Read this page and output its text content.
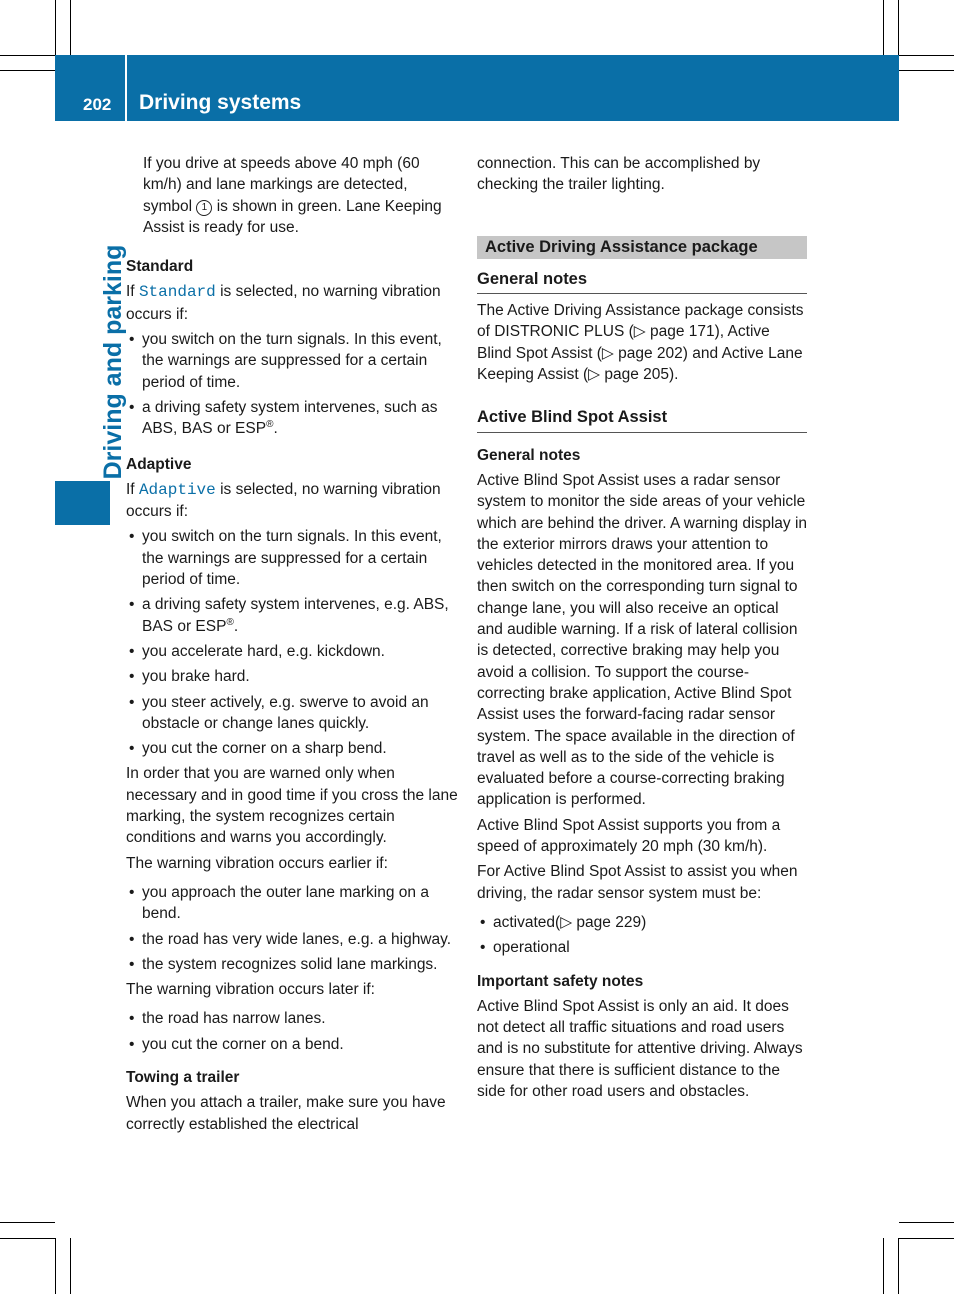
202 Driving systems
Driving and parking

If you drive at speeds above 40 mph (60 km/h) and lane markings are detected, symbol 1 is shown in green. Lane Keeping Assist is ready for use.

Standard

If Standard is selected, no warning vibration occurs if:

• you switch on the turn signals. In this event, the warnings are suppressed for a certain period of time.

• a driving safety system intervenes, such as ABS, BAS or ESP®.

Adaptive

If Adaptive is selected, no warning vibration occurs if:

• you switch on the turn signals. In this event, the warnings are suppressed for a certain period of time.

• a driving safety system intervenes, e.g. ABS, BAS or ESP®.

• you accelerate hard, e.g. kickdown.

• you brake hard.

• you steer actively, e.g. swerve to avoid an obstacle or change lanes quickly.

• you cut the corner on a sharp bend.

In order that you are warned only when necessary and in good time if you cross the lane marking, the system recognizes certain conditions and warns you accordingly.

The warning vibration occurs earlier if:

• you approach the outer lane marking on a bend.

• the road has very wide lanes, e.g. a highway.

• the system recognizes solid lane markings.

The warning vibration occurs later if:

• the road has narrow lanes.

• you cut the corner on a bend.

Towing a trailer

When you attach a trailer, make sure you have correctly established the electrical

connection. This can be accomplished by checking the trailer lighting.

Active Driving Assistance package

General notes

The Active Driving Assistance package consists of DISTRONIC PLUS (▷ page 171), Active Blind Spot Assist (▷ page 202) and Active Lane Keeping Assist (▷ page 205).

Active Blind Spot Assist

General notes

Active Blind Spot Assist uses a radar sensor system to monitor the side areas of your vehicle which are behind the driver. A warning display in the exterior mirrors draws your attention to vehicles detected in the monitored area. If you then switch on the corresponding turn signal to change lane, you will also receive an optical and audible warning. If a risk of lateral collision is detected, corrective braking may help you avoid a collision. To support the course-correcting brake application, Active Blind Spot Assist uses the forward-facing radar sensor system. The space available in the direction of travel as well as to the side of the vehicle is evaluated before a course-correcting braking application is performed.

Active Blind Spot Assist supports you from a speed of approximately 20 mph (30 km/h).

For Active Blind Spot Assist to assist you when driving, the radar sensor system must be:

• activated(▷ page 229)

• operational

Important safety notes

Active Blind Spot Assist is only an aid. It does not detect all traffic situations and road users and is no substitute for attentive driving. Always ensure that there is sufficient distance to the side for other road users and obstacles.
